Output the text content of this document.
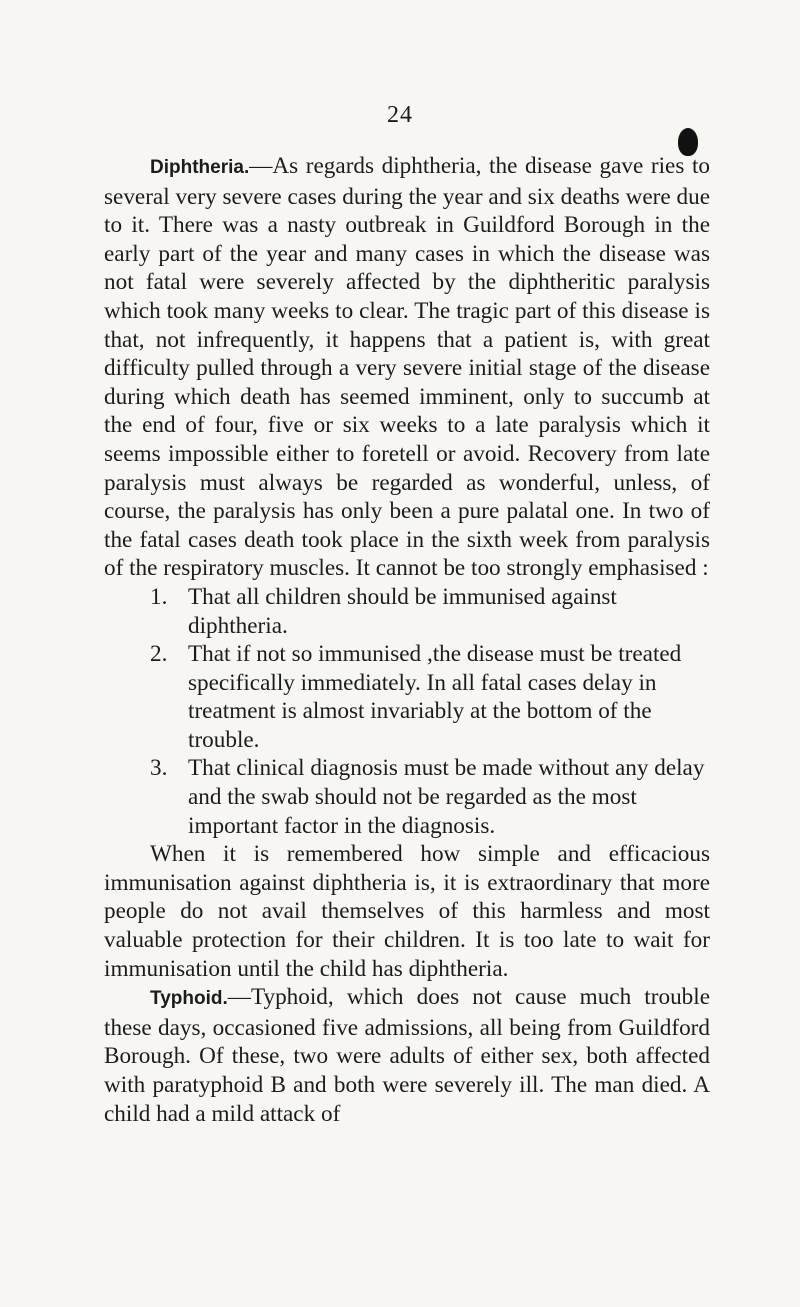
24

Diphtheria.—As regards diphtheria, the disease gave ries to several very severe cases during the year and six deaths were due to it. There was a nasty outbreak in Guildford Borough in the early part of the year and many cases in which the disease was not fatal were severely affected by the diphtheritic paralysis which took many weeks to clear. The tragic part of this disease is that, not infrequently, it happens that a patient is, with great difficulty pulled through a very severe initial stage of the disease during which death has seemed imminent, only to succumb at the end of four, five or six weeks to a late paralysis which it seems impossible either to foretell or avoid. Recovery from late paralysis must always be regarded as wonderful, unless, of course, the paralysis has only been a pure palatal one. In two of the fatal cases death took place in the sixth week from paralysis of the respiratory muscles. It cannot be too strongly emphasised :

1. That all children should be immunised against diphtheria.
2. That if not so immunised ,the disease must be treated specifically immediately. In all fatal cases delay in treatment is almost invariably at the bottom of the trouble.
3. That clinical diagnosis must be made without any delay and the swab should not be regarded as the most important factor in the diagnosis.

When it is remembered how simple and efficacious immunisation against diphtheria is, it is extraordinary that more people do not avail themselves of this harmless and most valuable protection for their children. It is too late to wait for immunisation until the child has diphtheria.

Typhoid.—Typhoid, which does not cause much trouble these days, occasioned five admissions, all being from Guildford Borough. Of these, two were adults of either sex, both affected with paratyphoid B and both were severely ill. The man died. A child had a mild attack of
